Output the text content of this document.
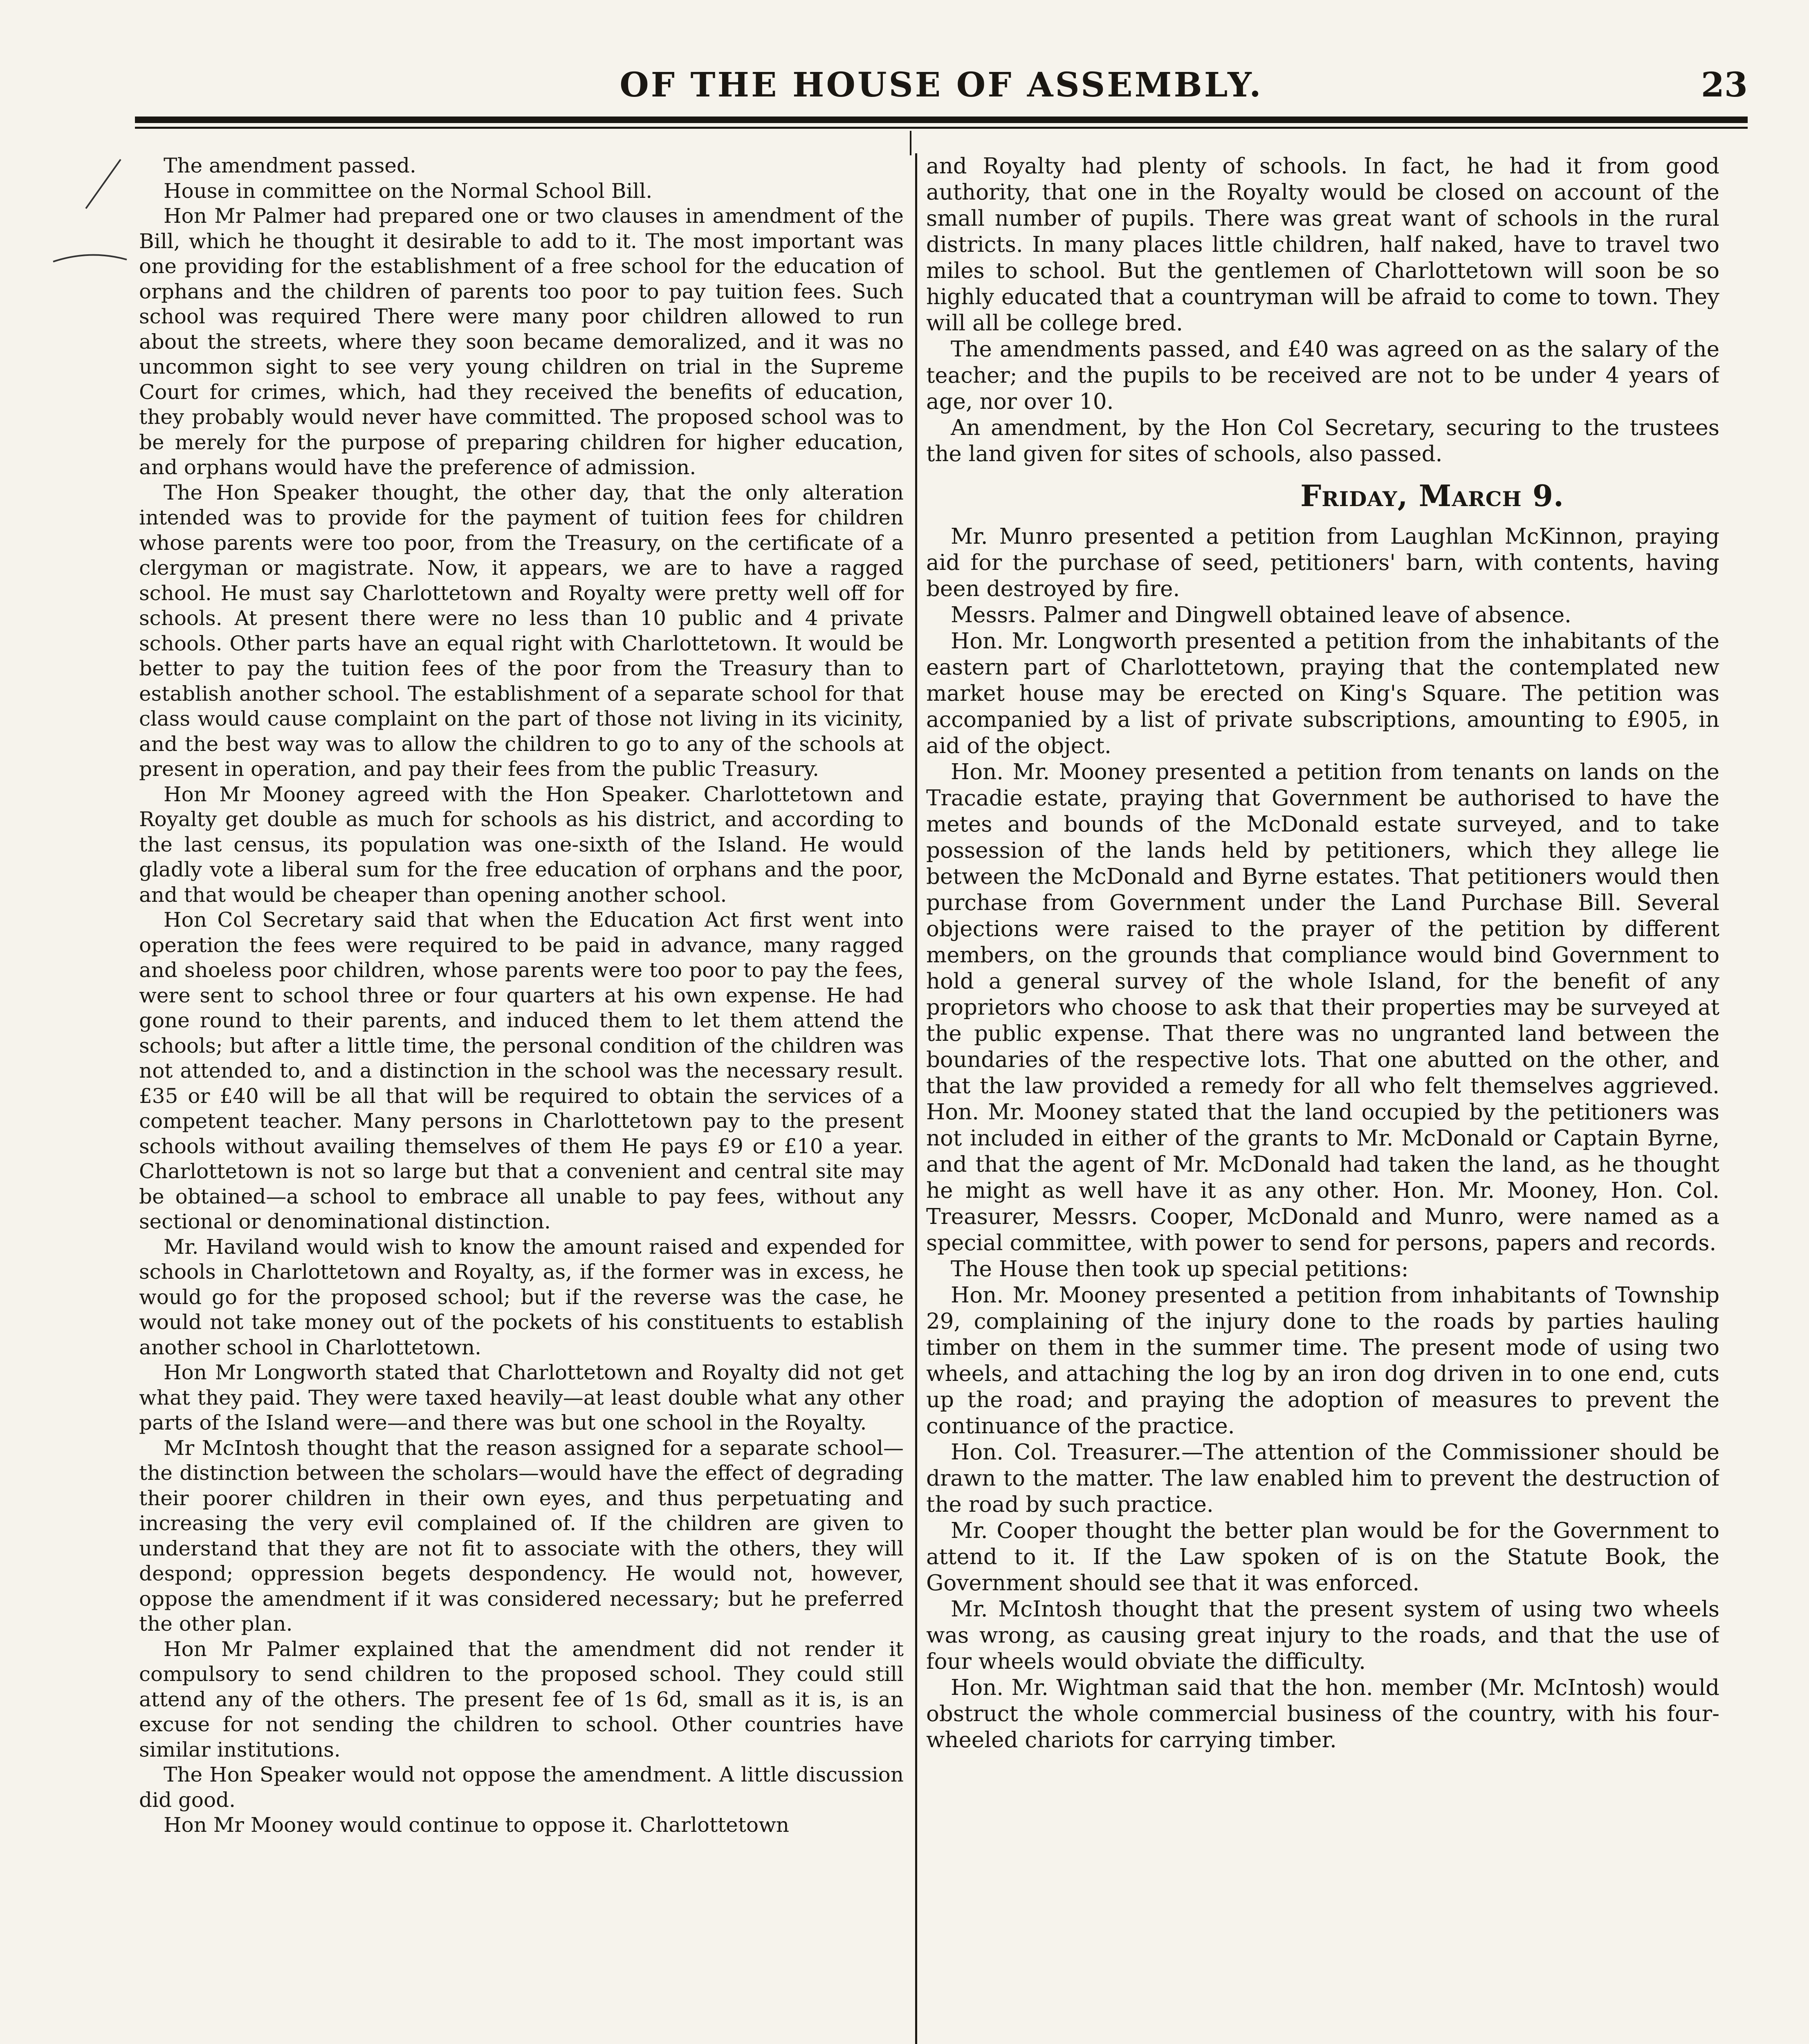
OF THE HOUSE OF ASSEMBLY.	23

The amendment passed.

House in committee on the Normal School Bill.

Hon Mr Palmer had prepared one or two clauses in amendment of the Bill, which he thought it desirable to add to it. The most important was one providing for the establishment of a free school for the education of orphans and the children of parents too poor to pay tuition fees. Such school was required There were many poor children allowed to run about the streets, where they soon became demoralized, and it was no uncommon sight to see very young children on trial in the Supreme Court for crimes, which, had they received the benefits of education, they probably would never have committed. The proposed school was to be merely for the purpose of preparing children for higher education, and orphans would have the preference of admission.

The Hon Speaker thought, the other day, that the only alteration intended was to provide for the payment of tuition fees for children whose parents were too poor, from the Treasury, on the certificate of a clergyman or magistrate. Now, it appears, we are to have a ragged school. He must say Charlottetown and Royalty were pretty well off for schools. At present there were no less than 10 public and 4 private schools. Other parts have an equal right with Charlottetown. It would be better to pay the tuition fees of the poor from the Treasury than to establish another school. The establishment of a separate school for that class would cause complaint on the part of those not living in its vicinity, and the best way was to allow the children to go to any of the schools at present in operation, and pay their fees from the public Treasury.

Hon Mr Mooney agreed with the Hon Speaker. Charlottetown and Royalty get double as much for schools as his district, and according to the last census, its population was one-sixth of the Island. He would gladly vote a liberal sum for the free education of orphans and the poor, and that would be cheaper than opening another school.

Hon Col Secretary said that when the Education Act first went into operation the fees were required to be paid in advance, many ragged and shoeless poor children, whose parents were too poor to pay the fees, were sent to school three or four quarters at his own expense. He had gone round to their parents, and induced them to let them attend the schools; but after a little time, the personal condition of the children was not attended to, and a distinction in the school was the necessary result. £35 or £40 will be all that will be required to obtain the services of a competent teacher. Many persons in Charlottetown pay to the present schools without availing themselves of them He pays £9 or £10 a year. Charlottetown is not so large but that a convenient and central site may be obtained—a school to embrace all unable to pay fees, without any sectional or denominational distinction.

Mr. Haviland would wish to know the amount raised and expended for schools in Charlottetown and Royalty, as, if the former was in excess, he would go for the proposed school; but if the reverse was the case, he would not take money out of the pockets of his constituents to establish another school in Charlottetown.

Hon Mr Longworth stated that Charlottetown and Royalty did not get what they paid. They were taxed heavily—at least double what any other parts of the Island were—and there was but one school in the Royalty.

Mr McIntosh thought that the reason assigned for a separate school—the distinction between the scholars—would have the effect of degrading their poorer children in their own eyes, and thus perpetuating and increasing the very evil complained of. If the children are given to understand that they are not fit to associate with the others, they will despond; oppression begets despondency. He would not, however, oppose the amendment if it was considered necessary; but he preferred the other plan.

Hon Mr Palmer explained that the amendment did not render it compulsory to send children to the proposed school. They could still attend any of the others. The present fee of 1s 6d, small as it is, is an excuse for not sending the children to school. Other countries have similar institutions.

The Hon Speaker would not oppose the amendment. A little discussion did good.

Hon Mr Mooney would continue to oppose it. Charlottetown

and Royalty had plenty of schools. In fact, he had it from good authority, that one in the Royalty would be closed on account of the small number of pupils. There was great want of schools in the rural districts. In many places little children, half naked, have to travel two miles to school. But the gentlemen of Charlottetown will soon be so highly educated that a countryman will be afraid to come to town. They will all be college bred.

The amendments passed, and £40 was agreed on as the salary of the teacher; and the pupils to be received are not to be under 4 years of age, nor over 10.

An amendment, by the Hon Col Secretary, securing to the trustees the land given for sites of schools, also passed.

Friday, March 9.

Mr. Munro presented a petition from Laughlan McKinnon, praying aid for the purchase of seed, petitioners' barn, with contents, having been destroyed by fire.

Messrs. Palmer and Dingwell obtained leave of absence.

Hon. Mr. Longworth presented a petition from the inhabitants of the eastern part of Charlottetown, praying that the contemplated new market house may be erected on King's Square. The petition was accompanied by a list of private subscriptions, amounting to £905, in aid of the object.

Hon. Mr. Mooney presented a petition from tenants on lands on the Tracadie estate, praying that Government be authorised to have the metes and bounds of the McDonald estate surveyed, and to take possession of the lands held by petitioners, which they allege lie between the McDonald and Byrne estates. That petitioners would then purchase from Government under the Land Purchase Bill. Several objections were raised to the prayer of the petition by different members, on the grounds that compliance would bind Government to hold a general survey of the whole Island, for the benefit of any proprietors who choose to ask that their properties may be surveyed at the public expense. That there was no ungranted land between the boundaries of the respective lots. That one abutted on the other, and that the law provided a remedy for all who felt themselves aggrieved. Hon. Mr. Mooney stated that the land occupied by the petitioners was not included in either of the grants to Mr. McDonald or Captain Byrne, and that the agent of Mr. McDonald had taken the land, as he thought he might as well have it as any other. Hon. Mr. Mooney, Hon. Col. Treasurer, Messrs. Cooper, McDonald and Munro, were named as a special committee, with power to send for persons, papers and records.

The House then took up special petitions:

Hon. Mr. Mooney presented a petition from inhabitants of Township 29, complaining of the injury done to the roads by parties hauling timber on them in the summer time. The present mode of using two wheels, and attaching the log by an iron dog driven in to one end, cuts up the road; and praying the adoption of measures to prevent the continuance of the practice.

Hon. Col. Treasurer.—The attention of the Commissioner should be drawn to the matter. The law enabled him to prevent the destruction of the road by such practice.

Mr. Cooper thought the better plan would be for the Government to attend to it. If the Law spoken of is on the Statute Book, the Government should see that it was enforced.

Mr. McIntosh thought that the present system of using two wheels was wrong, as causing great injury to the roads, and that the use of four wheels would obviate the difficulty.

Hon. Mr. Wightman said that the hon. member (Mr. McIntosh) would obstruct the whole commercial business of the country, with his four-wheeled chariots for carrying timber.
